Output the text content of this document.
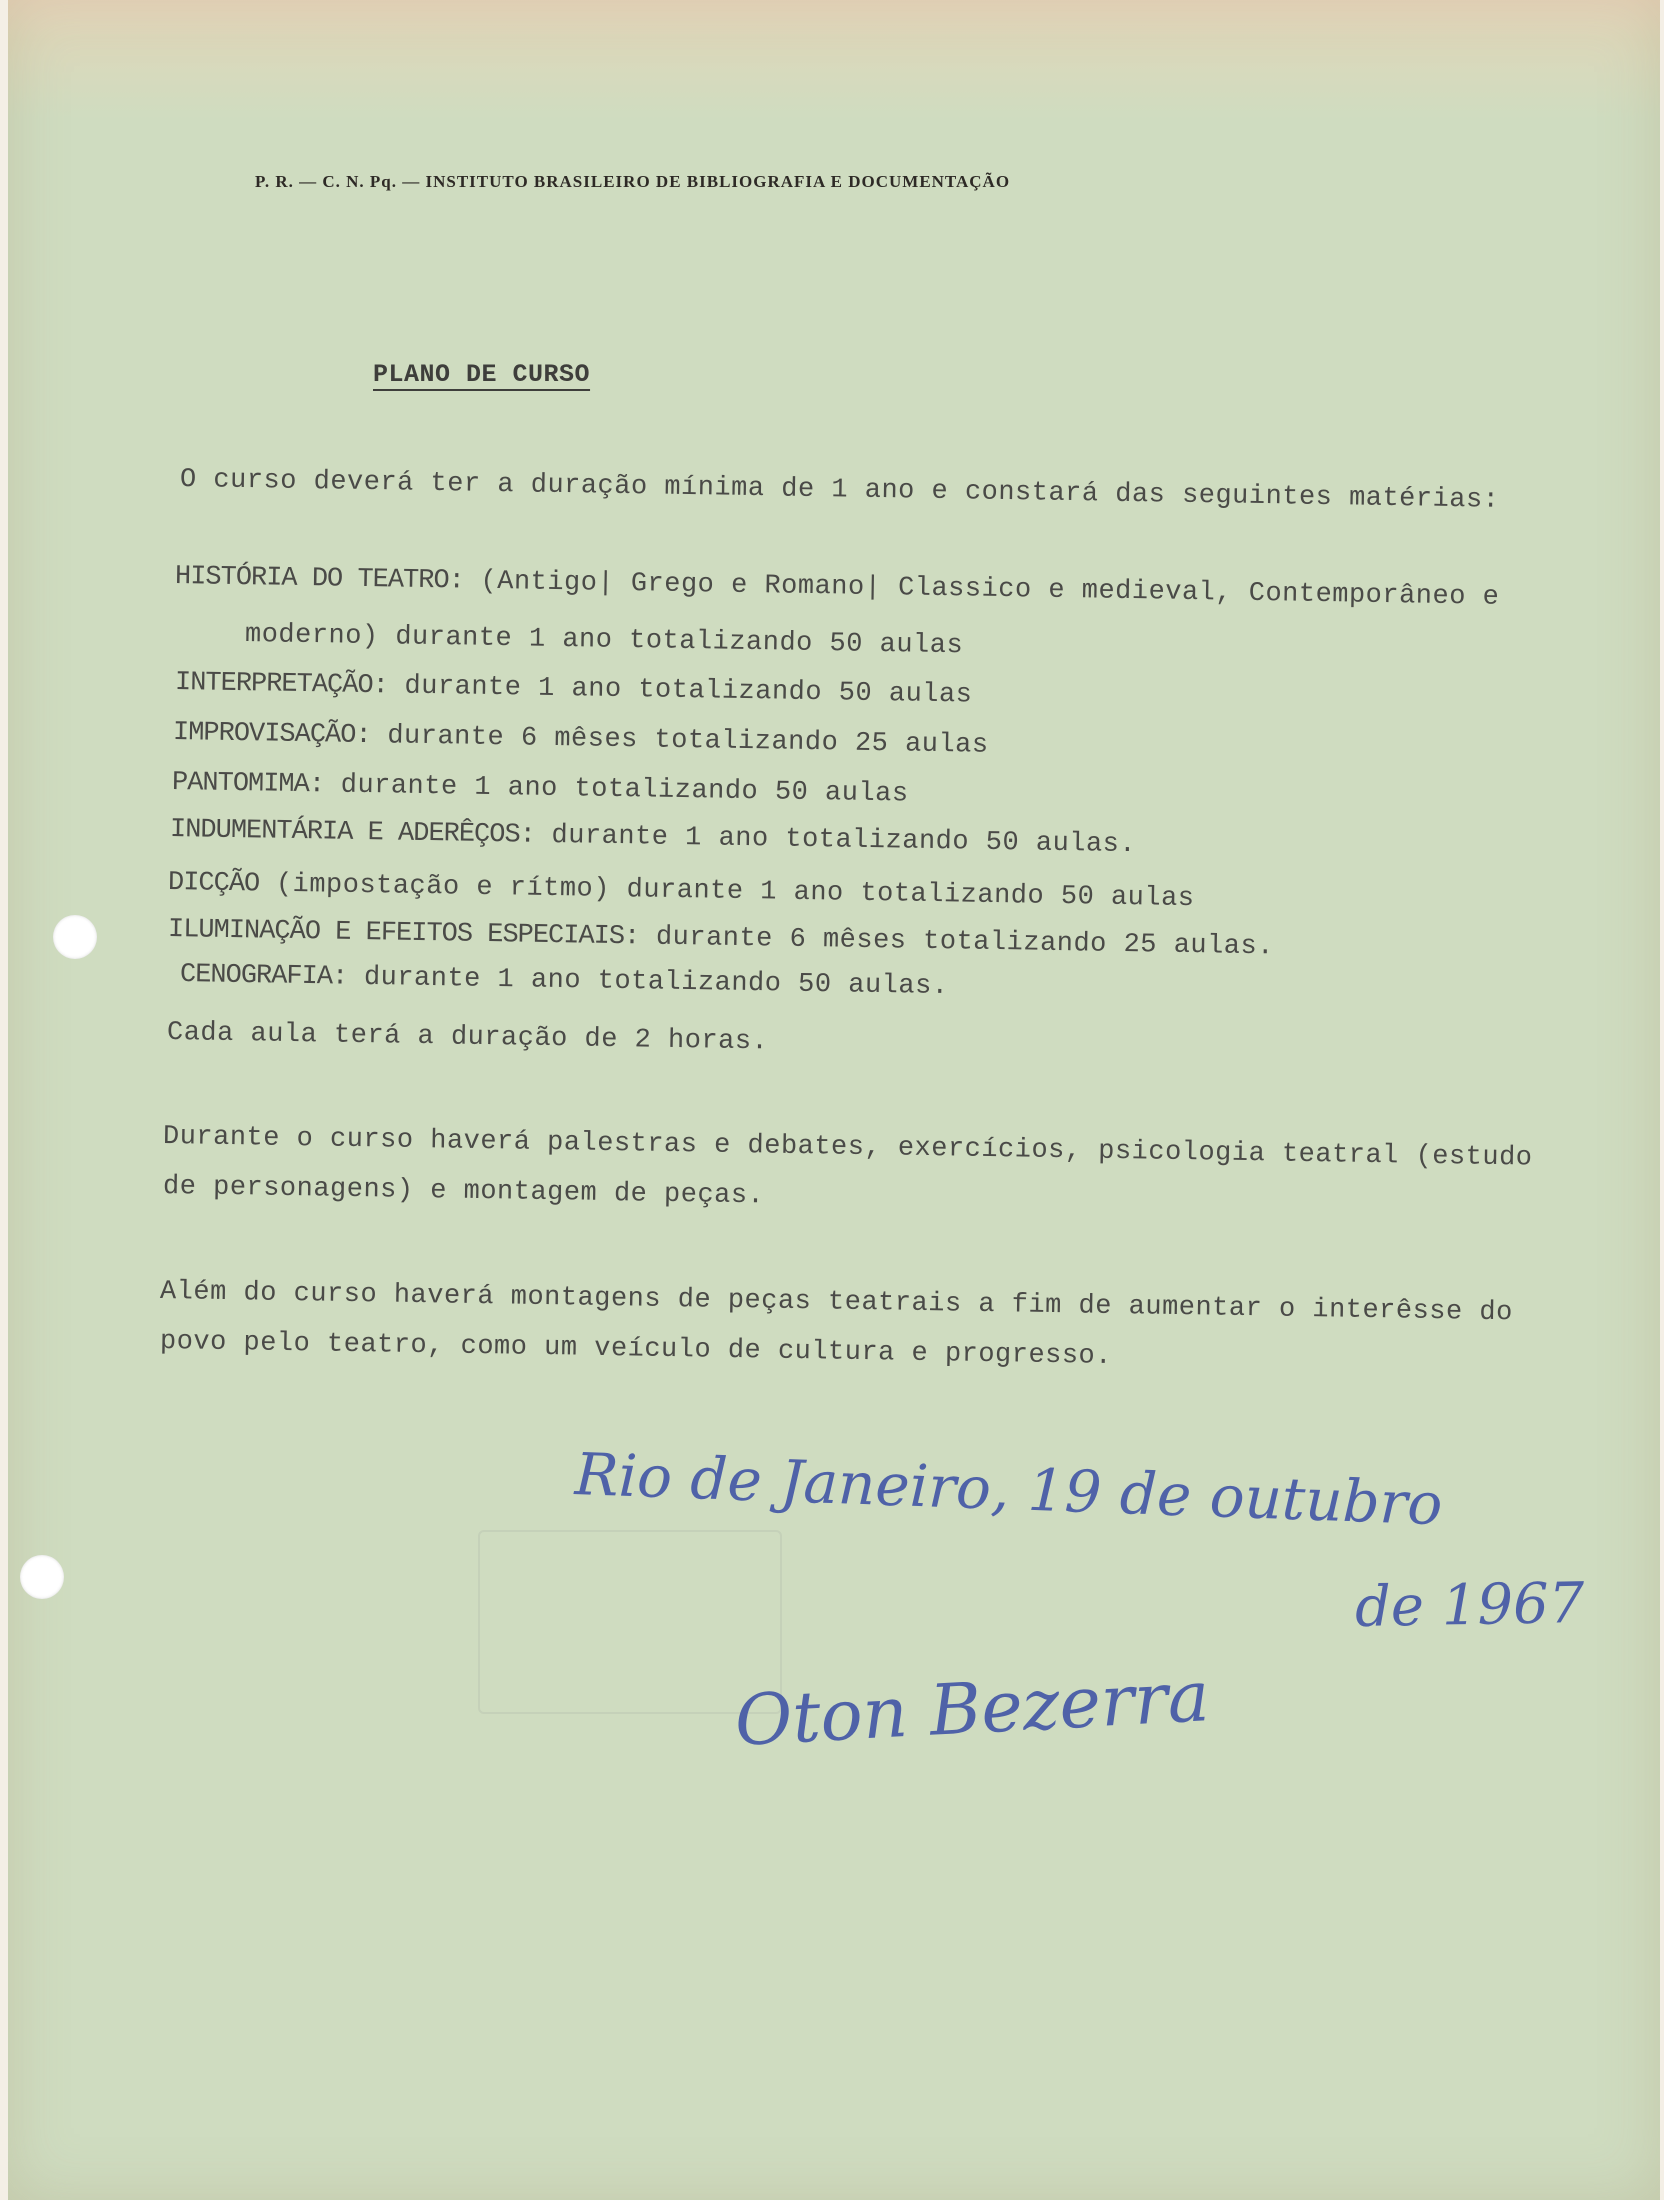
P. R. — C. N. Pq. — INSTITUTO BRASILEIRO DE BIBLIOGRAFIA E DOCUMENTAÇÃO
PLANO DE CURSO
O curso deverá ter a duração mínima de 1 ano e constará das seguintes matérias:
HISTÓRIA DO TEATRO: (Antigo| Grego e Romano| Classico e medieval, Contemporâneo e
moderno) durante 1 ano totalizando 50 aulas
INTERPRETAÇÃO: durante 1 ano totalizando 50 aulas
IMPROVISAÇÃO: durante 6 mêses totalizando 25 aulas
PANTOMIMA: durante 1 ano totalizando 50 aulas
INDUMENTÁRIA E ADERÊÇOS: durante 1 ano totalizando 50 aulas.
DICÇÃO (impostação e rítmo) durante 1 ano totalizando 50 aulas
ILUMINAÇÃO E EFEITOS ESPECIAIS: durante 6 mêses totalizando 25 aulas.
CENOGRAFIA: durante 1 ano totalizando 50 aulas.
Cada aula terá a duração de 2 horas.
Durante o curso haverá palestras e debates, exercícios, psicologia teatral (estudo
de personagens) e montagem de peças.
Além do curso haverá montagens de peças teatrais a fim de aumentar o interêsse do
povo pelo teatro, como um veículo de cultura e progresso.
Rio de Janeiro, 19 de outubro
de 1967
Oton Bezerra
